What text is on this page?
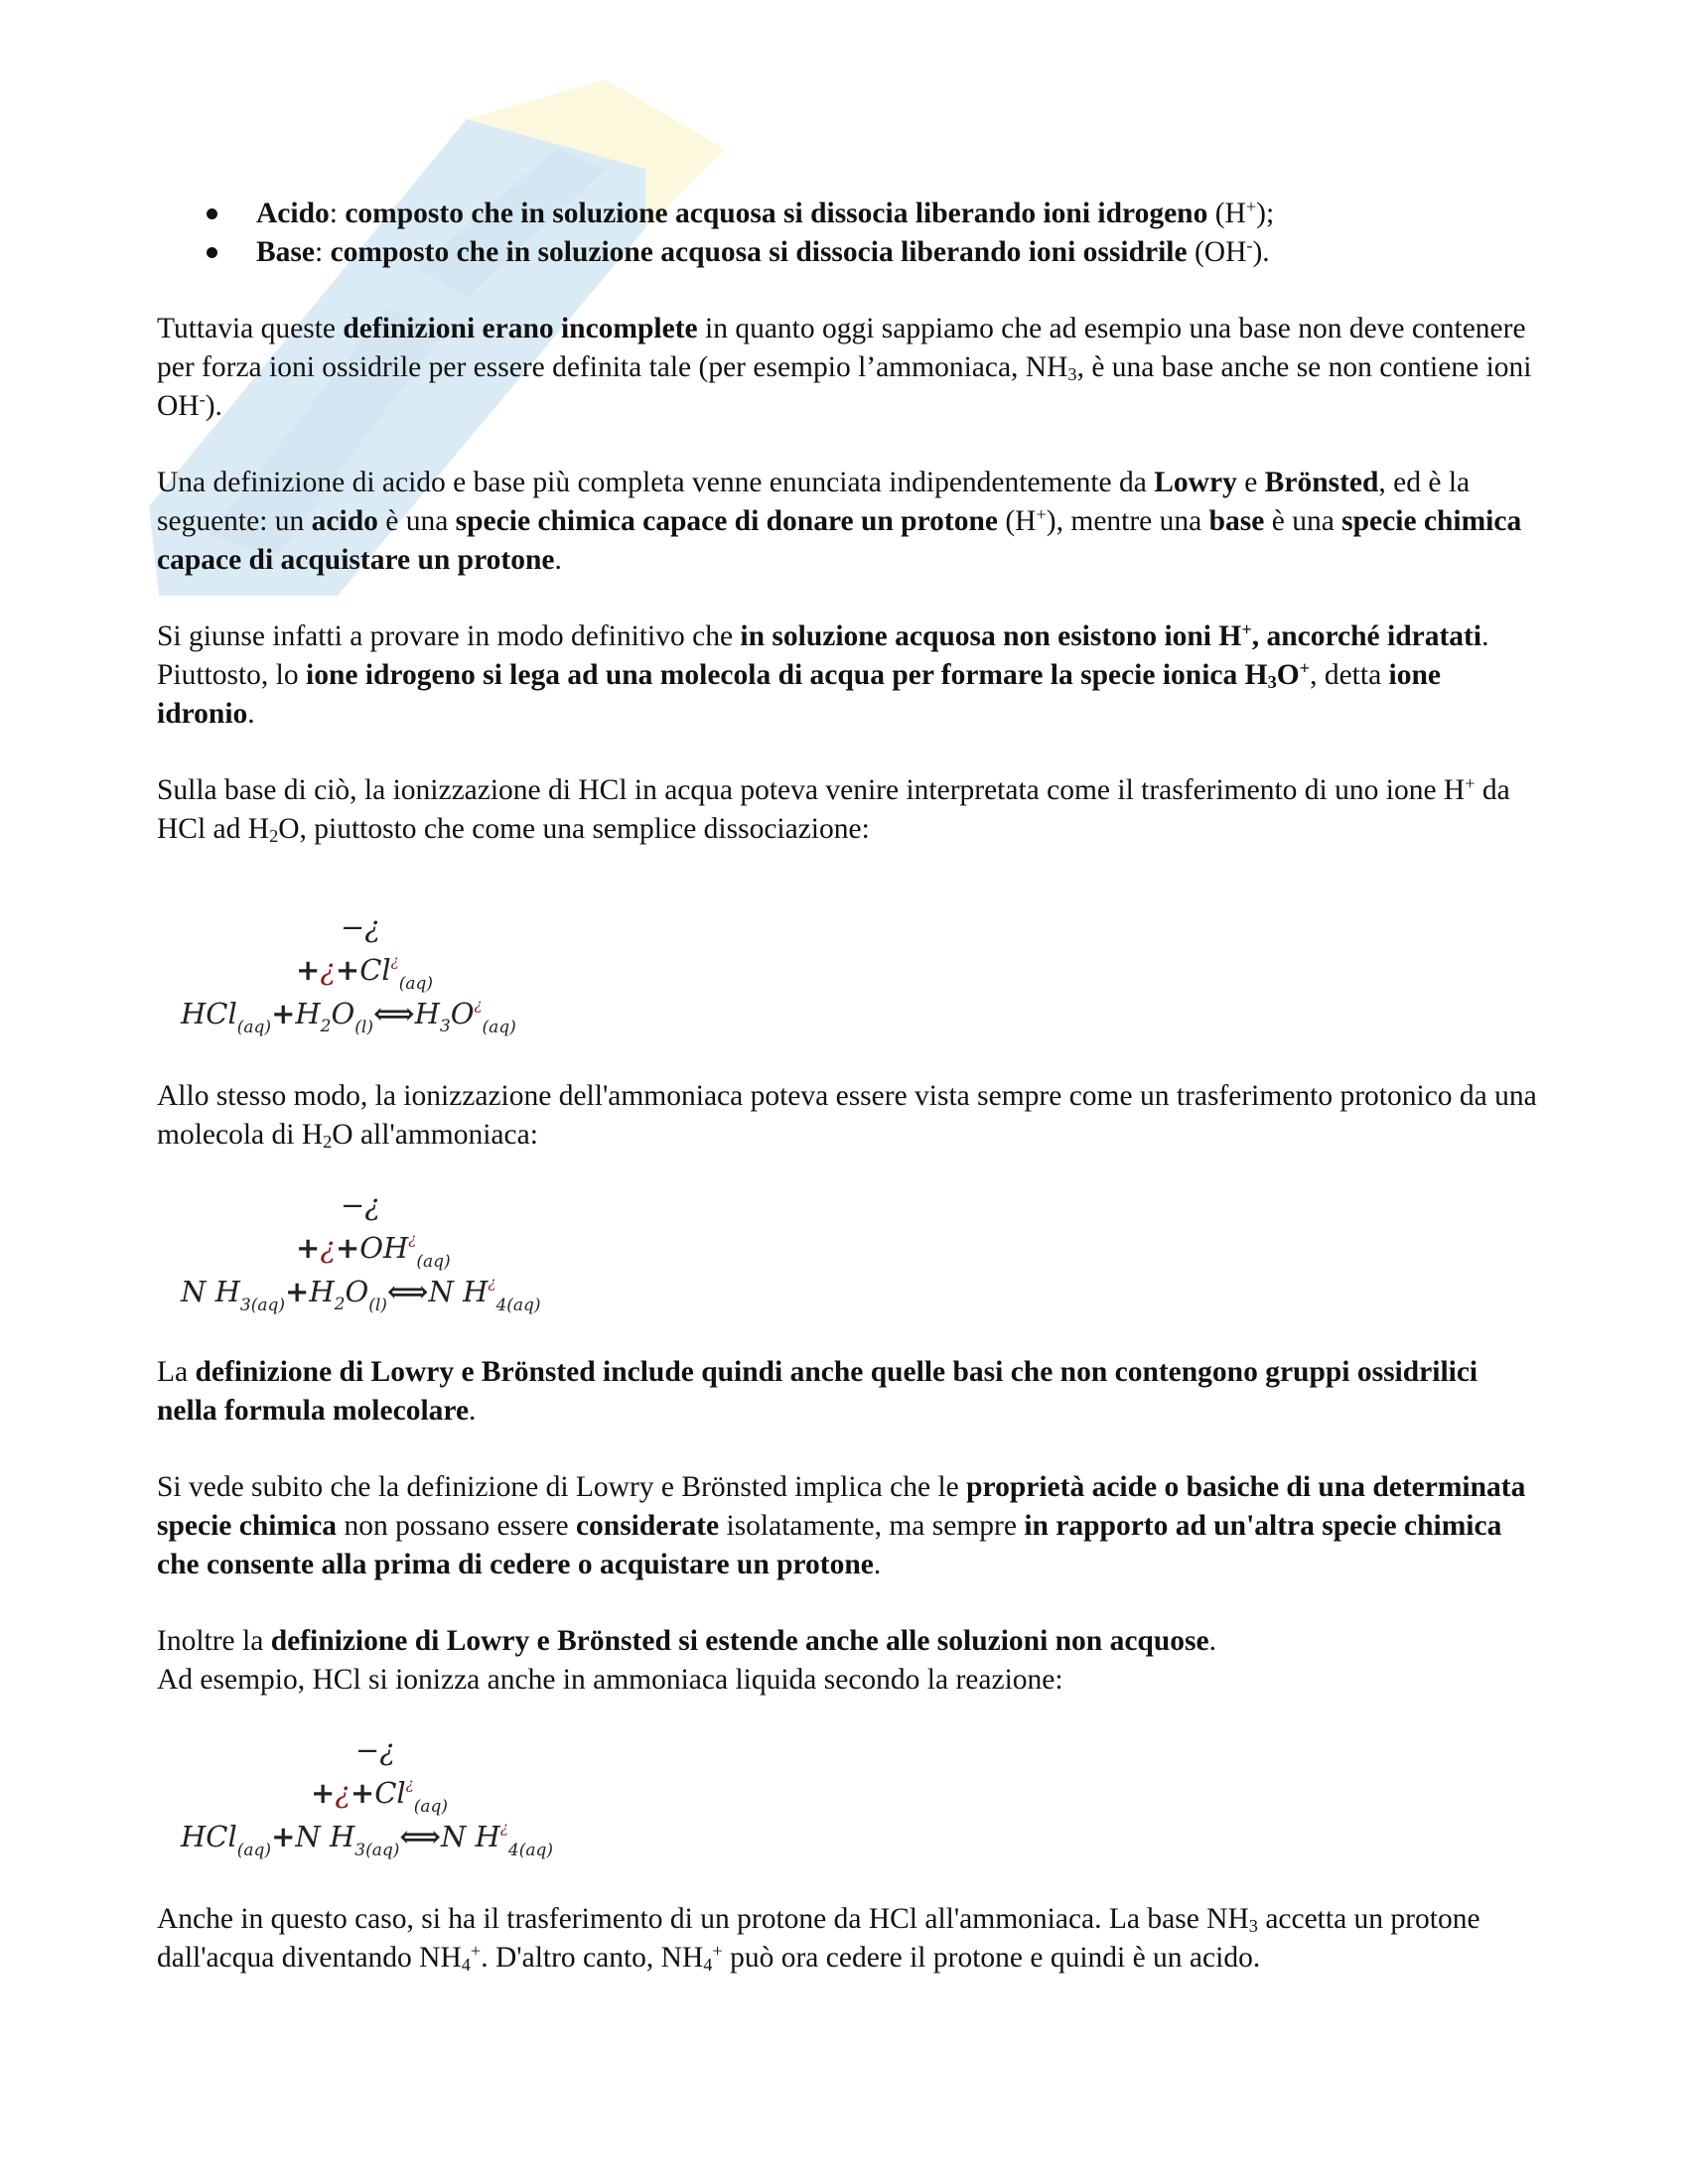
Acido: composto che in soluzione acquosa si dissocia liberando ioni idrogeno (H+);
Base: composto che in soluzione acquosa si dissocia liberando ioni ossidrile (OH-).

Tuttavia queste definizioni erano incomplete in quanto oggi sappiamo che ad esempio una base non deve contenere per forza ioni ossidrile per essere definita tale (per esempio l’ammoniaca, $NH_3$, è una base anche se non contiene ioni OH-).

Una definizione di acido e base più completa venne enunciata indipendentemente da Lowry e Brönsted, ed è la seguente: un acido è una specie chimica capace di donare un protone (H+), mentre una base è una specie chimica capace di acquistare un protone.

Si giunse infatti a provare in modo definitivo che in soluzione acquosa non esistono ioni H+, ancorché idratati. Piuttosto, lo ione idrogeno si lega ad una molecola di acqua per formare la specie ionica $H_3O^+$, detta ione idronio.

Sulla base di ciò, la ionizzazione di HCl in acqua poteva venire interpretata come il trasferimento di uno ione H+ da HCl ad $H_2O$, piuttosto che come una semplice dissociazione:

−¿
$+¿+Cl^¿_{(aq)}$
$HCl_{(aq)}+H_2O_{(l)}⟺H_3O^¿_{(aq)}$

Allo stesso modo, la ionizzazione dell'ammoniaca poteva essere vista sempre come un trasferimento protonico da una molecola di $H_2O$ all'ammoniaca:

−¿
$+¿+OH^¿_{(aq)}$
N $H_{3(aq)}+H_2O_{(l)}⟺N$ $H^¿_{4(aq)}$

La definizione di Lowry e Brönsted include quindi anche quelle basi che non contengono gruppi ossidrilici nella formula molecolare.

Si vede subito che la definizione di Lowry e Brönsted implica che le proprietà acide o basiche di una determinata specie chimica non possano essere considerate isolatamente, ma sempre in rapporto ad un'altra specie chimica che consente alla prima di cedere o acquistare un protone.

Inoltre la definizione di Lowry e Brönsted si estende anche alle soluzioni non acquose.

Ad esempio, HCl si ionizza anche in ammoniaca liquida secondo la reazione:

−¿
$+¿+Cl^¿_{(aq)}$
HCl$_{(aq)}$+N $H_{3(aq)}⟺N$ $H^¿_{4(aq)}$

Anche in questo caso, si ha il trasferimento di un protone da HCl all'ammoniaca. La base $NH_3$ accetta un protone dall'acqua diventando $NH_4^+$. D'altro canto, $NH_4^+$ può ora cedere il protone e quindi è un acido.
